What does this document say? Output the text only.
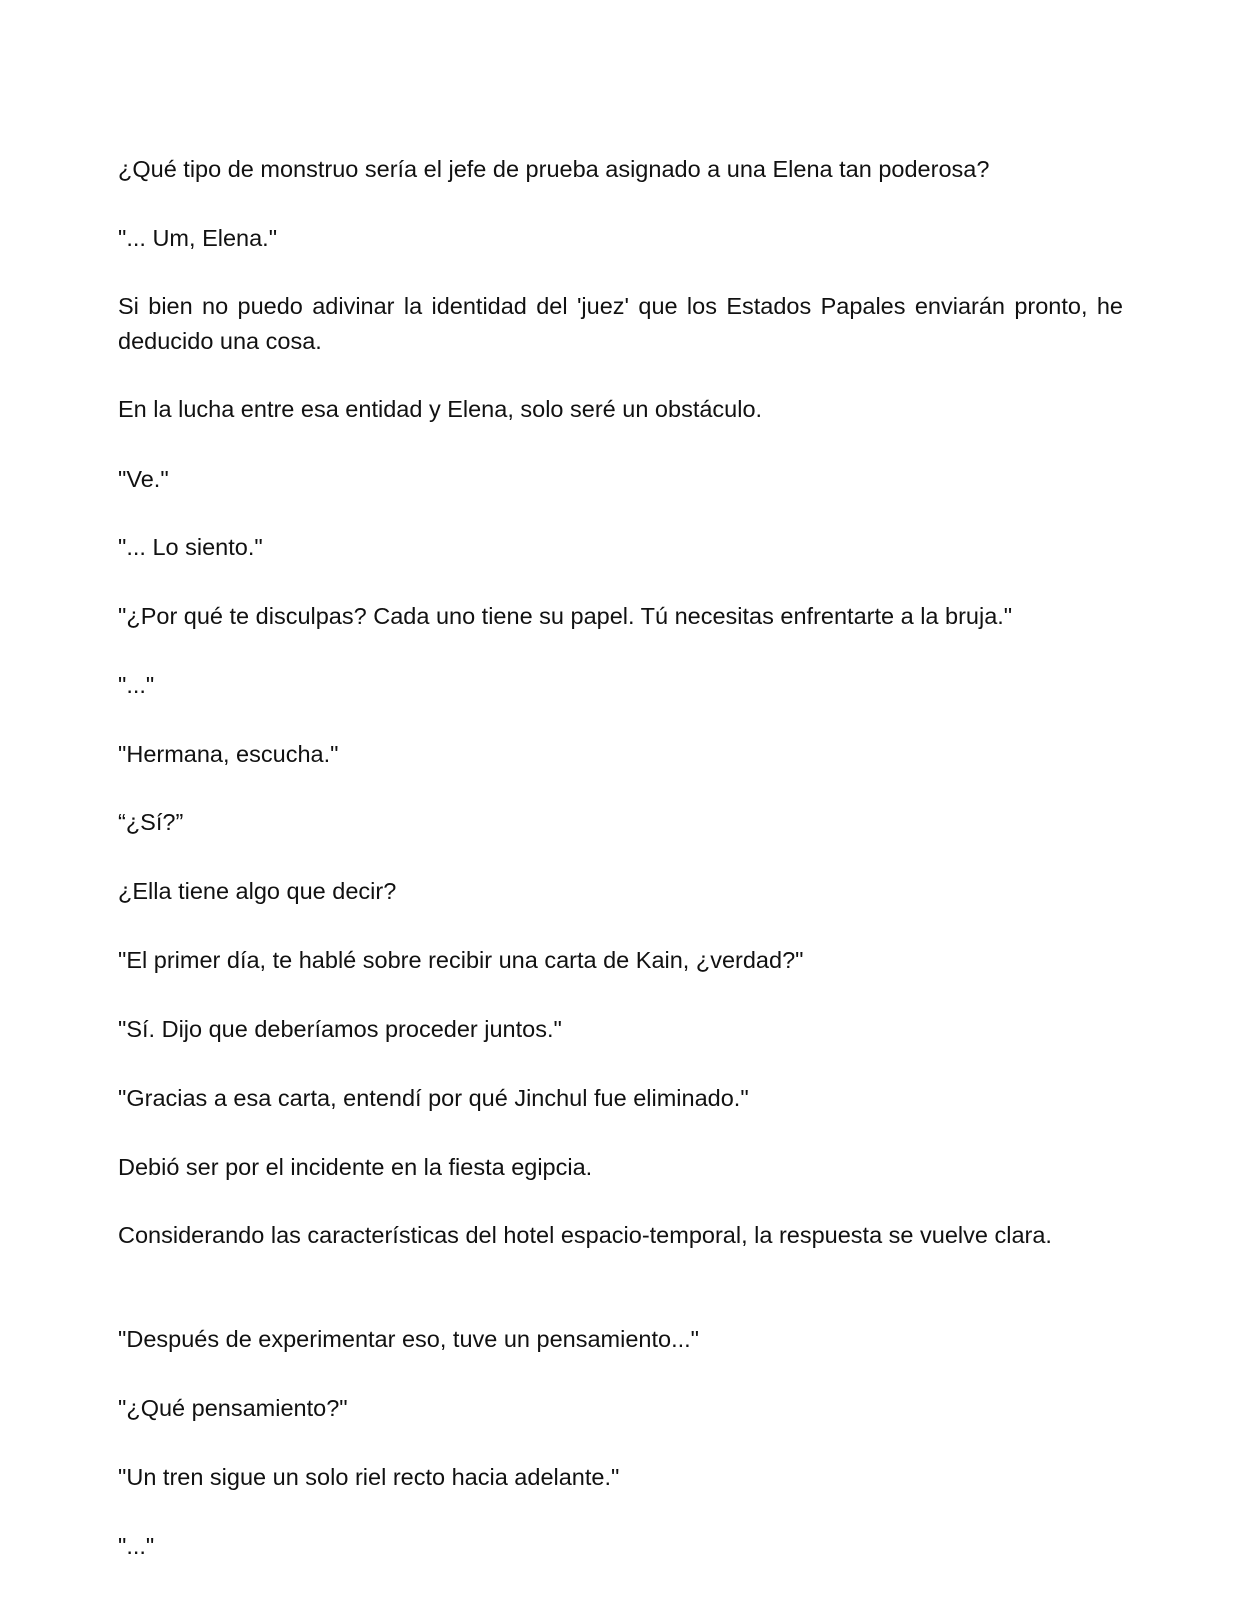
¿Qué tipo de monstruo sería el jefe de prueba asignado a una Elena tan poderosa?

"... Um, Elena."

Si bien no puedo adivinar la identidad del 'juez' que los Estados Papales enviarán pronto, he deducido una cosa.

En la lucha entre esa entidad y Elena, solo seré un obstáculo.

"Ve."

"... Lo siento."

"¿Por qué te disculpas? Cada uno tiene su papel. Tú necesitas enfrentarte a la bruja."

"..."

"Hermana, escucha."

“¿Sí?”

¿Ella tiene algo que decir?

"El primer día, te hablé sobre recibir una carta de Kain, ¿verdad?"

"Sí. Dijo que deberíamos proceder juntos."

"Gracias a esa carta, entendí por qué Jinchul fue eliminado."

Debió ser por el incidente en la fiesta egipcia.

Considerando las características del hotel espacio-temporal, la respuesta se vuelve clara.

"Después de experimentar eso, tuve un pensamiento..."

"¿Qué pensamiento?"

"Un tren sigue un solo riel recto hacia adelante."

"..."
